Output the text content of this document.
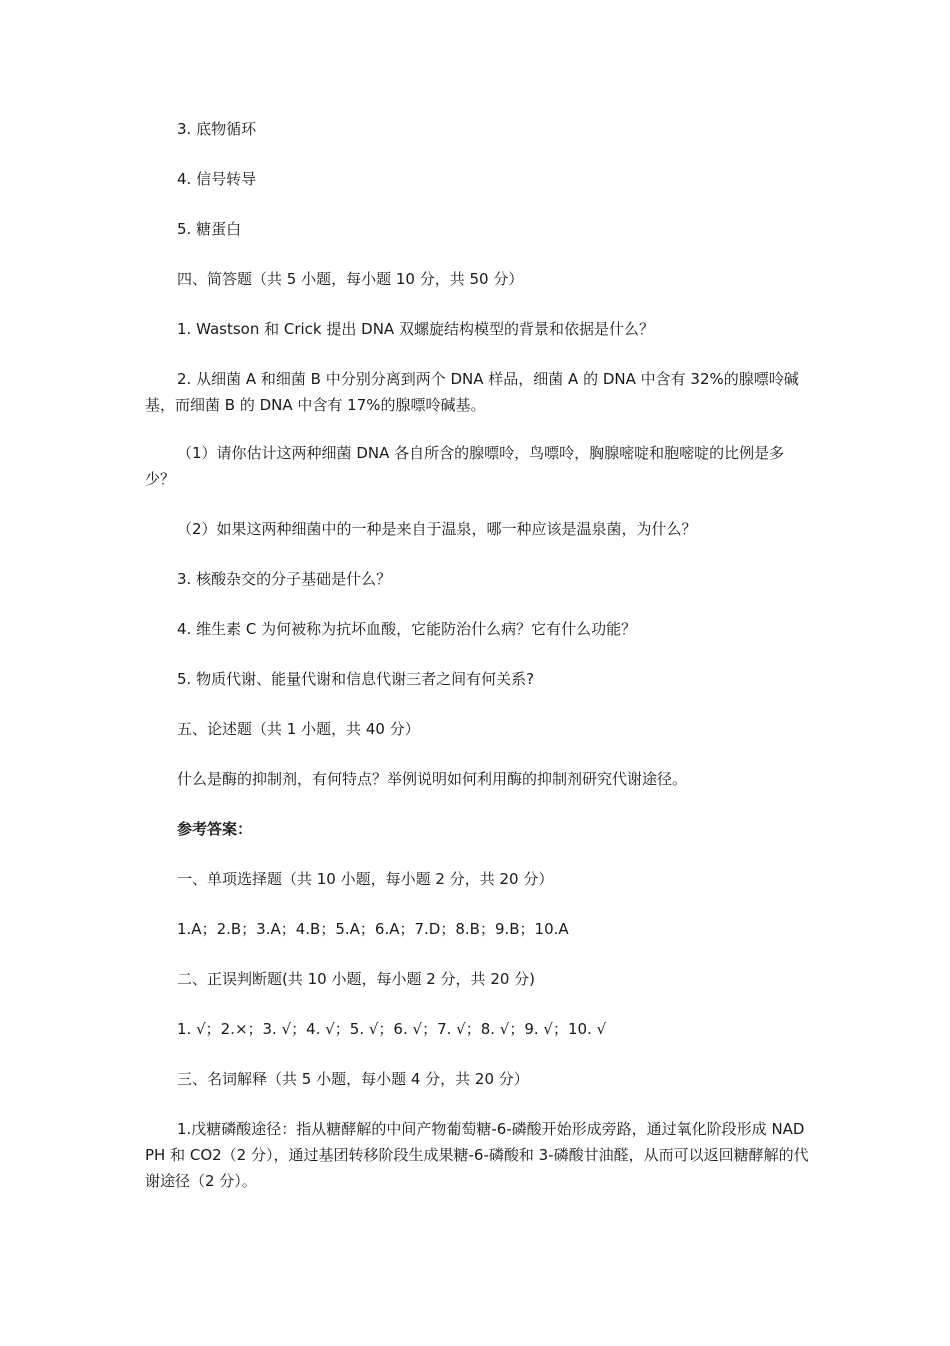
3. 底物循环

4. 信号转导

5. 糖蛋白

四、简答题（共 5 小题，每小题 10 分，共 50 分）

1. Wastson 和 Crick 提出 DNA 双螺旋结构模型的背景和依据是什么？

2. 从细菌 A 和细菌 B 中分别分离到两个 DNA 样品，细菌 A 的 DNA 中含有 32%的腺嘌呤碱基，而细菌 B 的 DNA 中含有 17%的腺嘌呤碱基。

（1）请你估计这两种细菌 DNA 各自所含的腺嘌呤，鸟嘌呤，胸腺嘧啶和胞嘧啶的比例是多少？

（2）如果这两种细菌中的一种是来自于温泉，哪一种应该是温泉菌，为什么？

3. 核酸杂交的分子基础是什么？

4. 维生素 C 为何被称为抗坏血酸，它能防治什么病？它有什么功能？

5. 物质代谢、能量代谢和信息代谢三者之间有何关系?

五、论述题（共 1 小题，共 40 分）

什么是酶的抑制剂，有何特点？举例说明如何利用酶的抑制剂研究代谢途径。

参考答案：

一、单项选择题（共 10 小题，每小题 2 分，共 20 分）

1.A；2.B；3.A；4.B；5.A；6.A；7.D；8.B；9.B；10.A

二、正误判断题(共 10 小题，每小题 2 分，共 20 分)

1. √；2.×；3. √；4. √；5. √；6. √；7. √；8. √；9. √；10. √

三、名词解释（共 5 小题，每小题 4 分，共 20 分）

1.戊糖磷酸途径：指从糖酵解的中间产物葡萄糖-6-磷酸开始形成旁路，通过氧化阶段形成 NADPH 和 CO2（2 分），通过基团转移阶段生成果糖-6-磷酸和 3-磷酸甘油醛，从而可以返回糖酵解的代谢途径（2 分）。
